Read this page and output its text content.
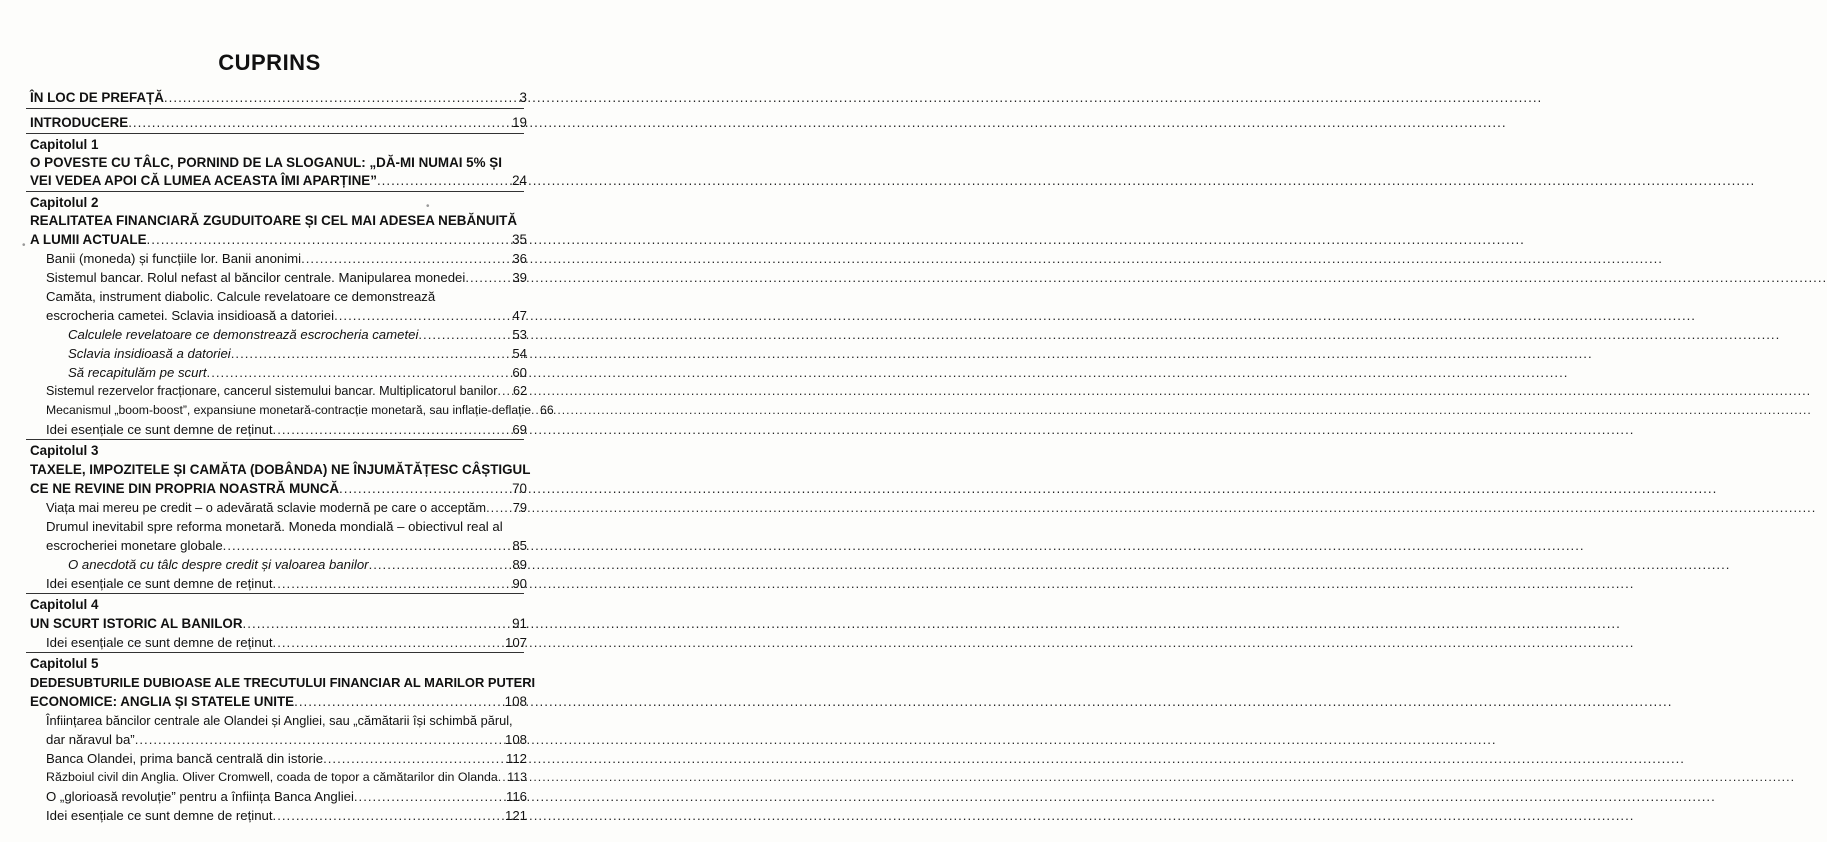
CUPRINS
ÎN LOC DE PREFAȚĂ .....	3
INTRODUCERE .....	19
Capitolul 1
O POVESTE CU TÂLC, PORNIND DE LA SLOGANUL: „DĂ-MI NUMAI 5% ȘI
VEI VEDEA APOI CĂ LUMEA ACEASTA ÎMI APARȚINE” .....	24
Capitolul 2
REALITATEA FINANCIARĂ ZGUDUITOARE ȘI CEL MAI ADESEA NEBĂNUITĂ
A LUMII ACTUALE .....	35
Banii (moneda) și funcțiile lor. Banii anonimi .....	36
Sistemul bancar. Rolul nefast al băncilor centrale. Manipularea monedei .....	39
Camăta, instrument diabolic. Calcule revelatoare ce demonstrează
escrocheria cametei. Sclavia insidioasă a datoriei .....	47
Calculele revelatoare ce demonstrează escrocheria cametei .....	53
Sclavia insidioasă a datoriei .....	54
Să recapitulăm pe scurt .....	60
Sistemul rezervelor fracționare, cancerul sistemului bancar. Multiplicatorul banilor ..... 62
Mecanismul „boom-boost”, expansiune monetară-contracție monetară, sau inflație-deflație ..... 66
Idei esențiale ce sunt demne de reținut .....	69
Capitolul 3
TAXELE, IMPOZITELE ȘI CAMĂTA (DOBÂNDA) NE ÎNJUMĂTĂȚESC CÂȘTIGUL
CE NE REVINE DIN PROPRIA NOASTRĂ MUNCĂ .....	70
Viața mai mereu pe credit – o adevărată sclavie modernă pe care o acceptăm ..... 79
Drumul inevitabil spre reforma monetară. Moneda mondială – obiectivul real al
escrocheriei monetare globale .....	85
O anecdotă cu tâlc despre credit și valoarea banilor .....	89
Idei esențiale ce sunt demne de reținut .....	90
Capitolul 4
UN SCURT ISTORIC AL BANILOR .....	91
Idei esențiale ce sunt demne de reținut .....	107
Capitolul 5
DEDESUBTURILE DUBIOASE ALE TRECUTULUI FINANCIAR AL MARILOR PUTERI
ECONOMICE: ANGLIA ȘI STATELE UNITE .....	108
Înființarea băncilor centrale ale Olandei și Angliei, sau „cămătarii își schimbă părul,
dar năravul ba” .....	108
Banca Olandei, prima bancă centrală din istorie .....	112
Războiul civil din Anglia. Oliver Cromwell, coada de topor a cămătarilor din Olanda ..... 113
O „glorioasă revoluție” pentru a înființa Banca Angliei .....	116
Idei esențiale ce sunt demne de reținut .....	121
•
•
